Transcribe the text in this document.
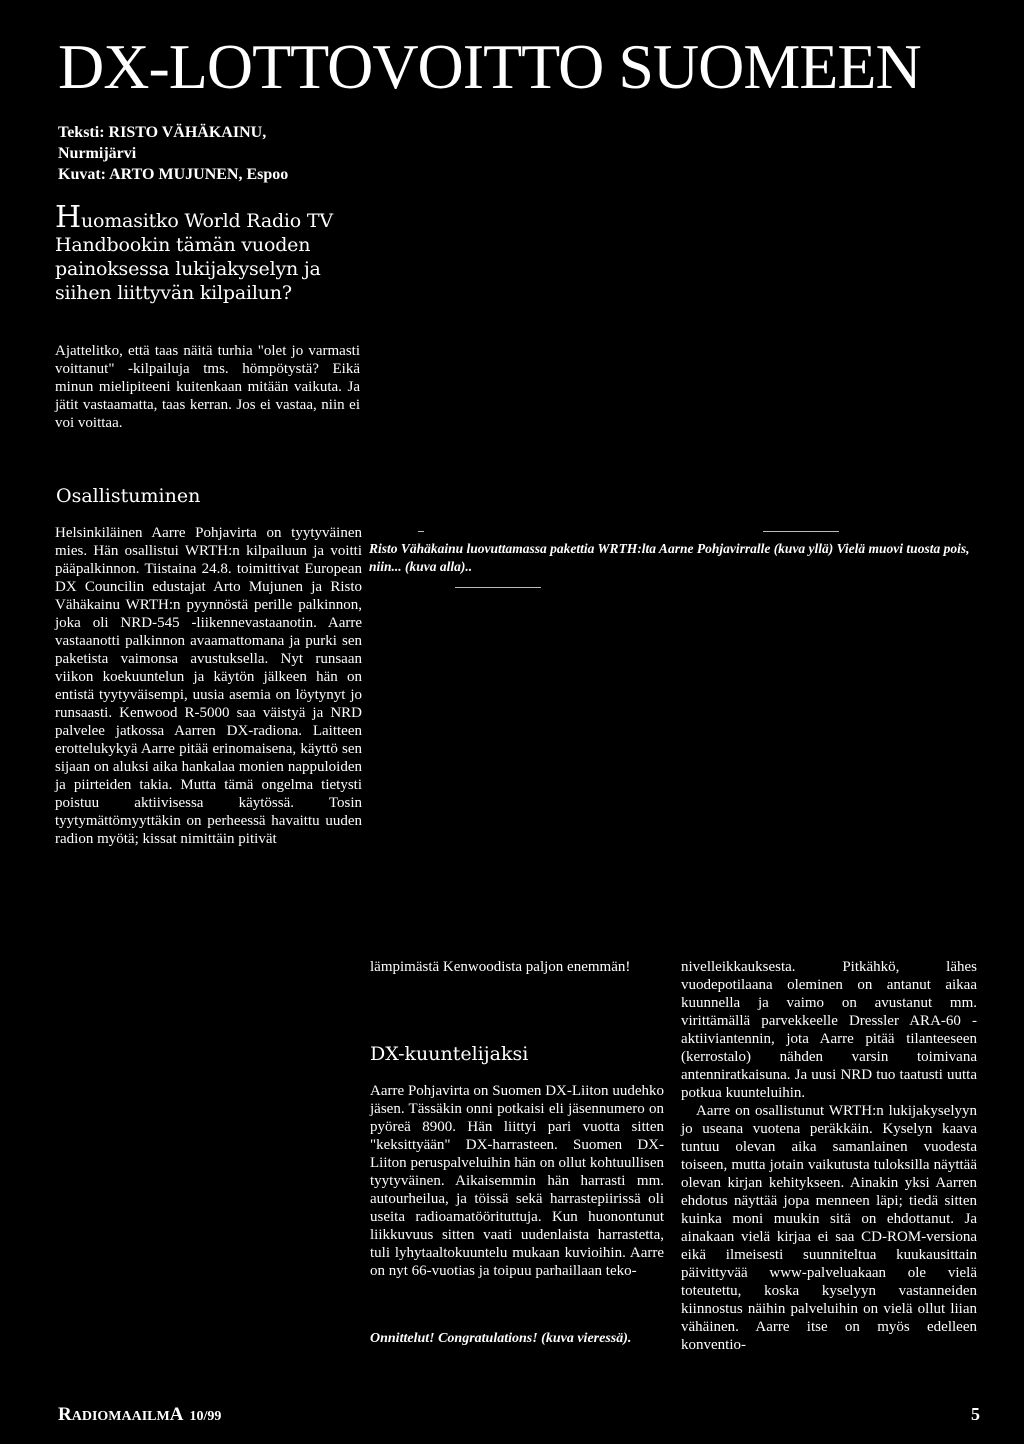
DX-LOTTOVOITTO SUOMEEN
Teksti: RISTO VÄHÄKAINU,
Nurmijärvi
Kuvat: ARTO MUJUNEN, Espoo
Huomasitko World Radio TV Handbookin tämän vuoden painoksessa lukijakyselyn ja siihen liittyvän kilpailun?
Ajattelitko, että taas näitä turhia "olet jo varmasti voittanut" -kilpailuja tms. hömpötystä? Eikä minun mielipiteeni kuitenkaan mitään vaikuta. Ja jätit vastaamatta, taas kerran. Jos ei vastaa, niin ei voi voittaa.
Osallistuminen
Helsinkiläinen Aarre Pohjavirta on tyytyväinen mies. Hän osallistui WRTH:n kilpailuun ja voitti pääpalkinnon. Tiistaina 24.8. toimittivat European DX Councilin edustajat Arto Mujunen ja Risto Vähäkainu WRTH:n pyynnöstä perille palkinnon, joka oli NRD-545 -liikennevastaanotin. Aarre vastaanotti palkinnon avaamattomana ja purki sen paketista vaimonsa avustuksella. Nyt runsaan viikon koekuuntelun ja käytön jälkeen hän on entistä tyytyväisempi, uusia asemia on löytynyt jo runsaasti. Kenwood R-5000 saa väistyä ja NRD palvelee jatkossa Aarren DX-radiona. Laitteen erottelukykyä Aarre pitää erinomaisena, käyttö sen sijaan on aluksi aika hankalaa monien nappuloiden ja piirteiden takia. Mutta tämä ongelma tietysti poistuu aktiivisessa käytössä. Tosin tyytymättömyyttäkin on perheessä havaittu uuden radion myötä; kissat nimittäin pitivät
Risto Vähäkainu luovuttamassa pakettia WRTH:lta Aarne Pohjavirralle (kuva yllä) Vielä muovi tuosta pois, niin... (kuva alla)..
lämpimästä Kenwoodista paljon enemmän!
DX-kuuntelijaksi
Aarre Pohjavirta on Suomen DX-Liiton uudehko jäsen. Tässäkin onni potkaisi eli jäsennumero on pyöreä 8900. Hän liittyi pari vuotta sitten "keksittyään" DX-harrasteen. Suomen DX-Liiton peruspalveluihin hän on ollut kohtuullisen tyytyväinen. Aikaisemmin hän harrasti mm. autourheilua, ja töissä sekä harrastepiirissä oli useita radioamatöörituttuja. Kun huonontunut liikkuvuus sitten vaati uudenlaista harrastetta, tuli lyhytaaltokuuntelu mukaan kuvioihin. Aarre on nyt 66-vuotias ja toipuu parhaillaan teko-
Onnittelut! Congratulations! (kuva vieressä).

nivelleikkauksesta. Pitkähkö, lähes vuodepotilaana oleminen on antanut aikaa kuunnella ja vaimo on avustanut mm. virittämällä parvekkeelle Dressler ARA-60 -aktiiviantennin, jota Aarre pitää tilanteeseen (kerrostalo) nähden varsin toimivana antenniratkaisuna. Ja uusi NRD tuo taatusti uutta potkua kuunteluihin.

Aarre on osallistunut WRTH:n lukijakyselyyn jo useana vuotena peräkkäin. Kyselyn kaava tuntuu olevan aika samanlainen vuodesta toiseen, mutta jotain vaikutusta tuloksilla näyttää olevan kirjan kehitykseen. Ainakin yksi Aarren ehdotus näyttää jopa menneen läpi; tiedä sitten kuinka moni muukin sitä on ehdottanut. Ja ainakaan vielä kirjaa ei saa CD-ROM-versiona eikä ilmeisesti suunniteltua kuukausittain päivittyvää www-palveluakaan ole vielä toteutettu, koska kyselyyn vastanneiden kiinnostus näihin palveluihin on vielä ollut liian vähäinen. Aarre itse on myös edelleen konventio-

RADIOMAAILMA 10/99	5
